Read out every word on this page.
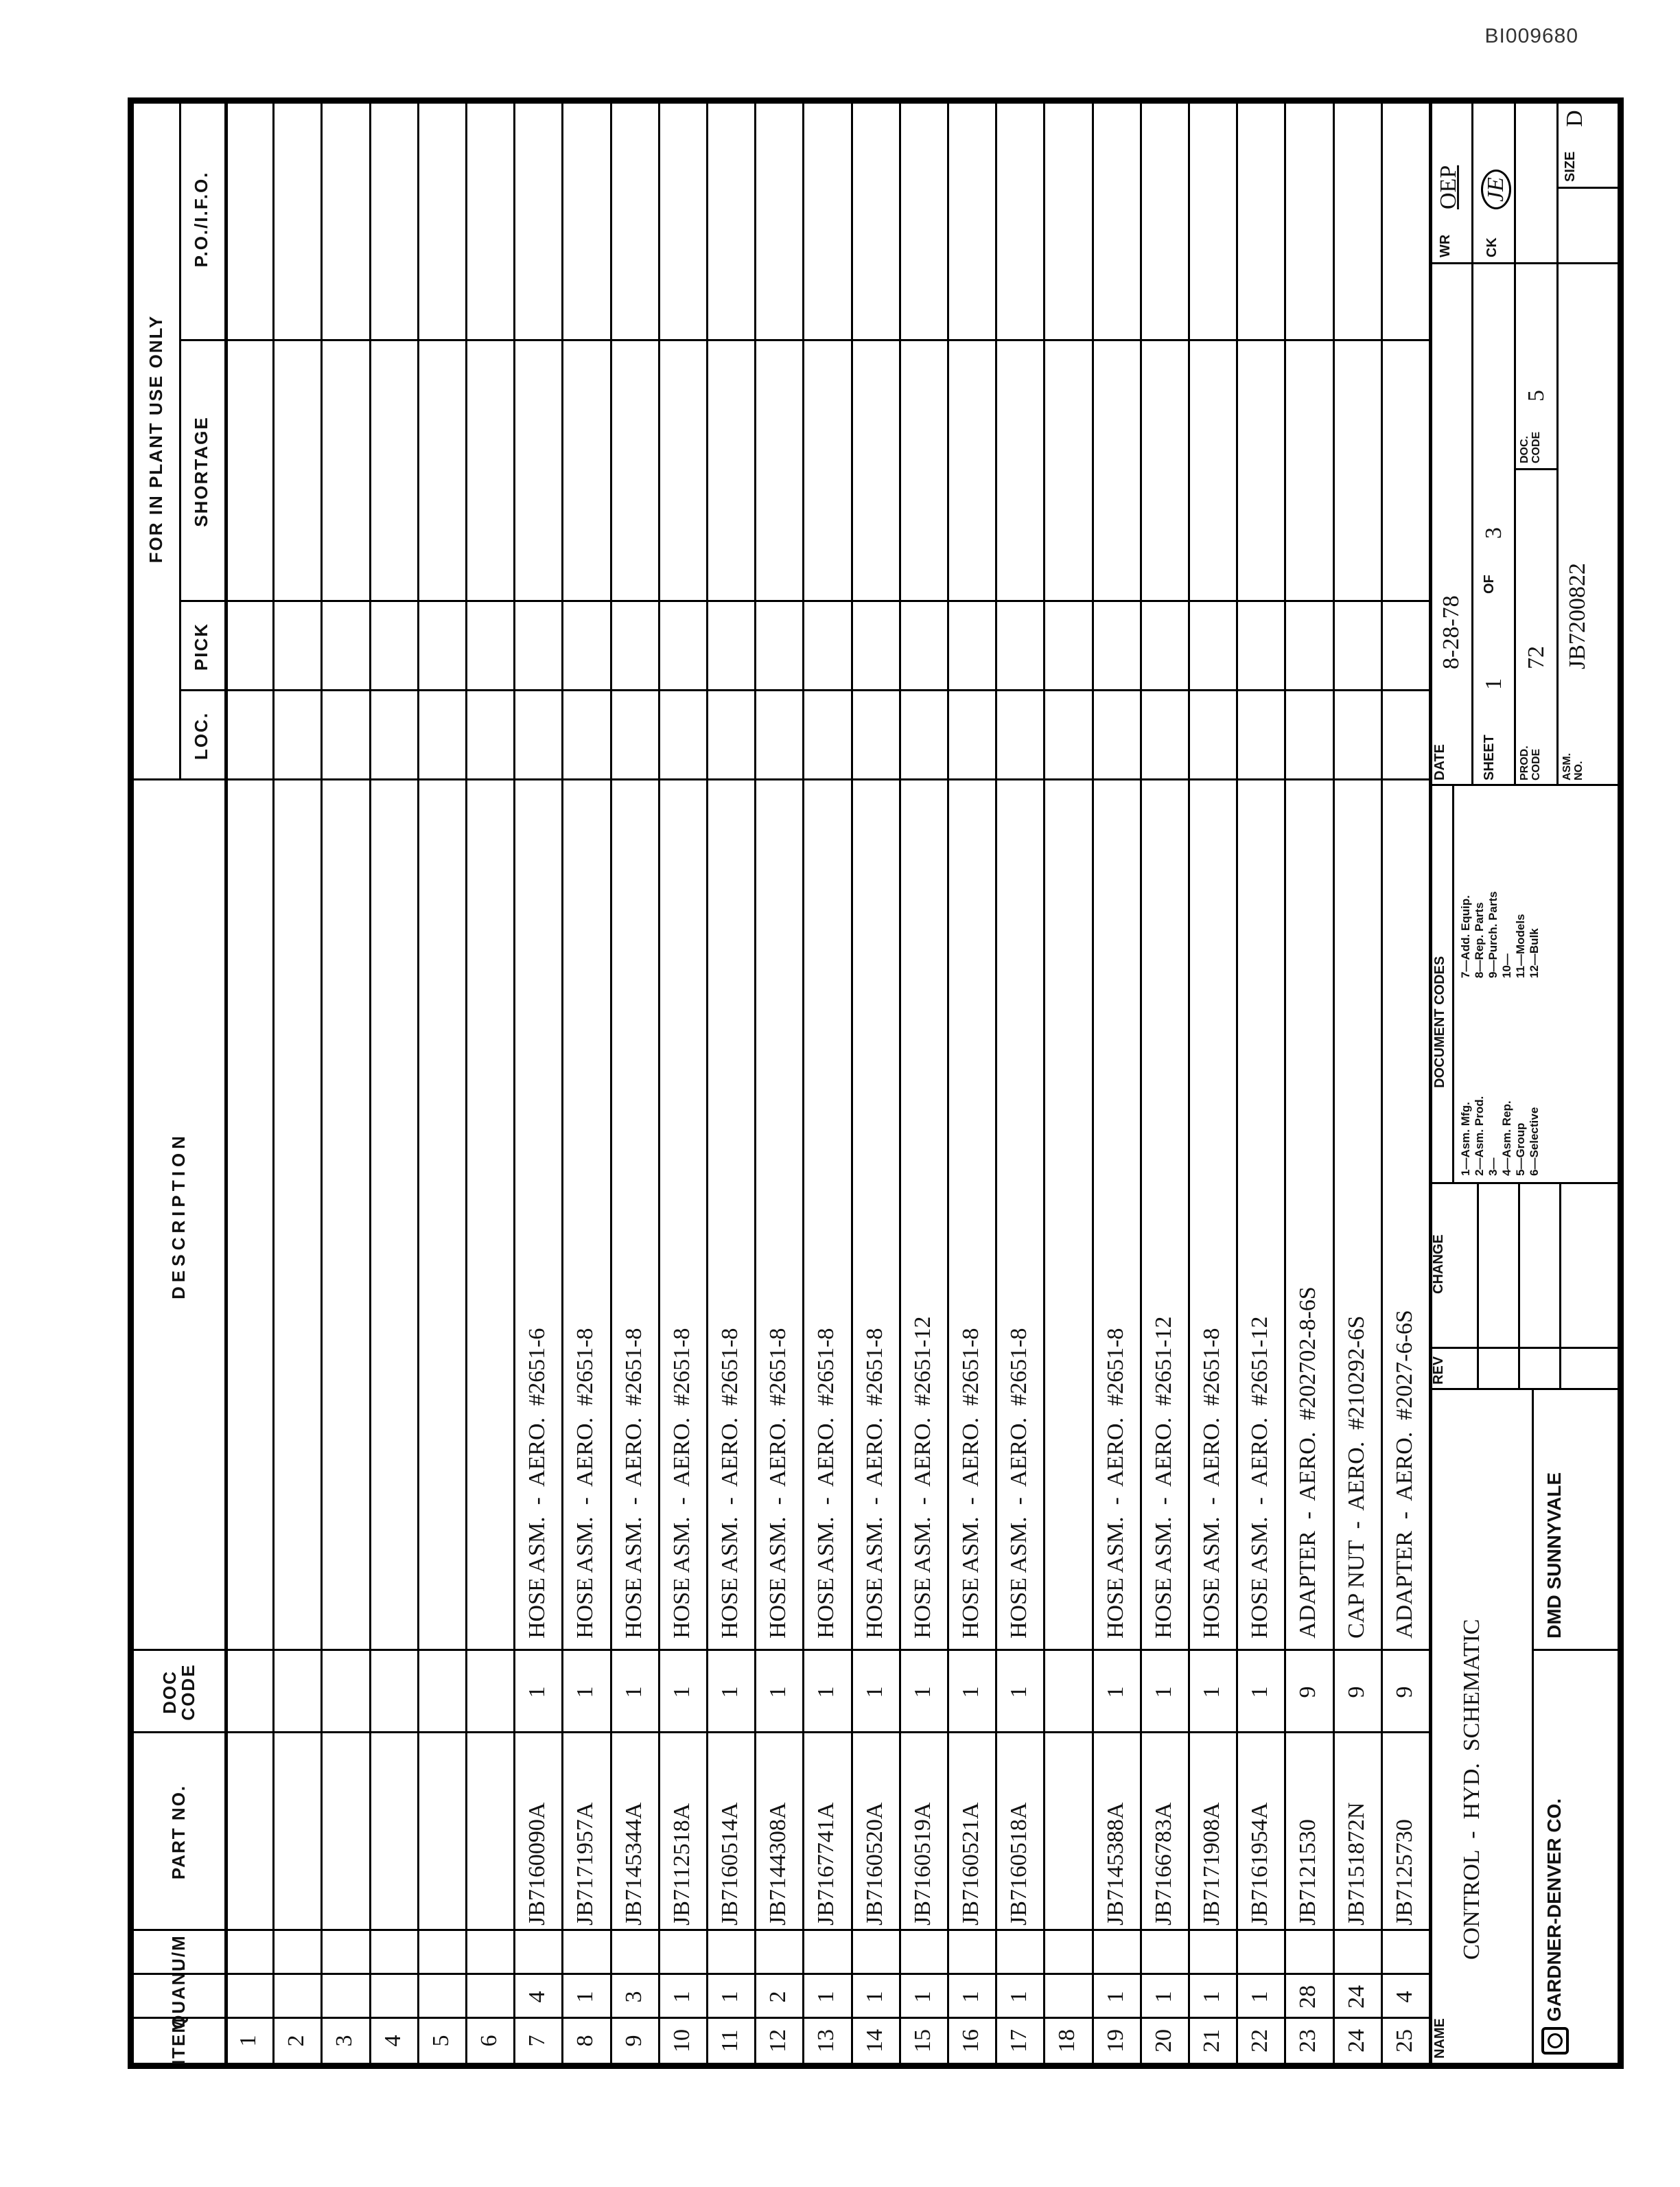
BI009680
ITEM
QUAN.
U/M
PART NO.
DOC
CODE
DESCRIPTION
FOR IN PLANT USE ONLY
LOC.
PICK
SHORTAGE
P.O./I.F.O.
1 2 3 4 5 6 7
4
JB7160090A
1
HOSE ASM.  -  AERO.  #2651-6
8
1
JB7171957A
1
HOSE ASM.  -  AERO.  #2651-8
9
3
JB7145344A
1
HOSE ASM.  -  AERO.  #2651-8
10
1
JB7112518A
1
HOSE ASM.  -  AERO.  #2651-8
11
1
JB7160514A
1
HOSE ASM.  -  AERO.  #2651-8
12
2
JB7144308A
1
HOSE ASM.  -  AERO.  #2651-8
13
1
JB7167741A
1
HOSE ASM.  -  AERO.  #2651-8
14
1
JB7160520A
1
HOSE ASM.  -  AERO.  #2651-8
15
1
JB7160519A
1
HOSE ASM.  -  AERO.  #2651-12
16
1
JB7160521A
1
HOSE ASM.  -  AERO.  #2651-8
17
1
JB7160518A
1
HOSE ASM.  -  AERO.  #2651-8
18 19
1
JB7145388A
1
HOSE ASM.  -  AERO.  #2651-8
20
1
JB7166783A
1
HOSE ASM.  -  AERO.  #2651-12
21
1
JB7171908A
1
HOSE ASM.  -  AERO.  #2651-8
22
1
JB7161954A
1
HOSE ASM.  -  AERO.  #2651-12
23
28
JB7121530
9
ADAPTER  -  AERO.  #202702-8-6S
24
24
JB7151872N
9
CAP NUT  -  AERO.  #210292-6S
25
4
JB7125730
9
ADAPTER  -  AERO.  #2027-6-6S
NAME
CONTROL  -  HYD.  SCHEMATIC	GARDNER-DENVER CO.
DMD SUNNYVALE
REV
CHANGE
DOCUMENT CODES
1—Asm. Mfg.
2—Asm. Prod.
3—
4—Asm. Rep.
5—Group
6—Selective
7—Add. Equip.
8—Rep. Parts
9—Purch. Parts
10—
11—Models
12—Bulk
DATE
8-28-78
SHEET
1
OF
3
PROD.
CODE
72
DOC.
CODE
5
ASM.
NO.
JB7200822
WR
OEP
CK
JE
SIZE
D
